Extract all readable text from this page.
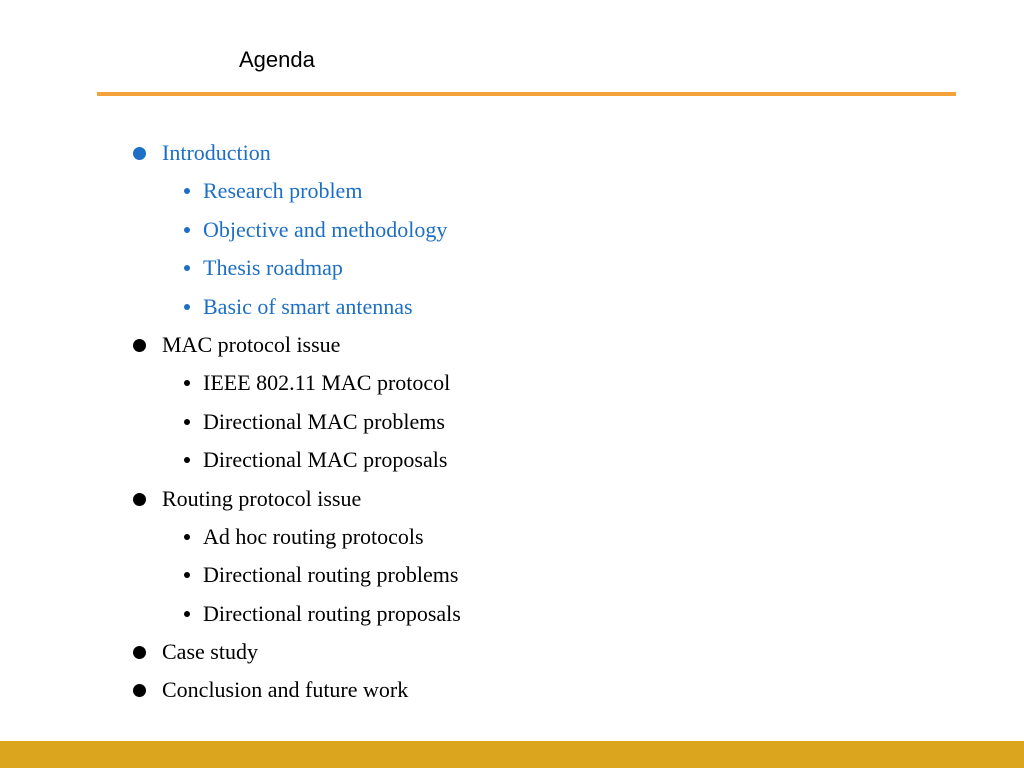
Agenda
Introduction
Research problem
Objective and methodology
Thesis roadmap
Basic of smart antennas
MAC protocol issue
IEEE 802.11 MAC protocol
Directional MAC problems
Directional MAC proposals
Routing protocol issue
Ad hoc routing protocols
Directional routing problems
Directional routing proposals
Case study
Conclusion and future work
